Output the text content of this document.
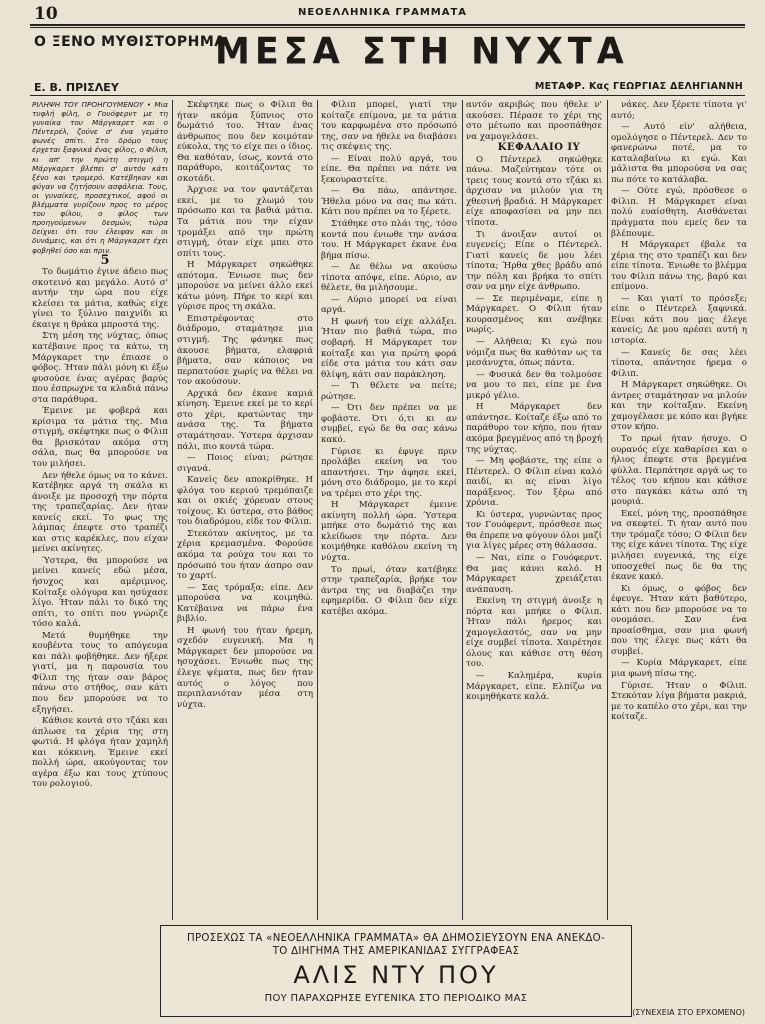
10	ΝΕΟΕΛΛΗΝΙΚΑ ΓΡΑΜΜΑΤΑ
Ο ΞΕΝΟ ΜΥΘΙΣΤΟΡΗΜΑ
ΜΕΣΑ ΣΤΗ ΝΥΧΤΑ
Ε. Β. ΠΡΙΣΛΕΥ	ΜΕΤΑΦΡ. Κας ΓΕΩΡΓΙΑΣ ΔΕΛΗΓΙΑΝΝΗ

ΡΙΛΗΨΗ ΤΟΥ ΠΡΟΗΓΟΥΜΕΝΟΥ • Μια τυφλή φίλη, ο Γουόφερντ με τη γυναίκα του Μάργκαρετ και ο Πέντερέλ, ζούνε σ' ένα γεμάτο φωνές σπίτι. Στο δρόμο τους έρχεται ξαφνικά ένας φίλος, ο Φίλιπ, κι απ' την πρώτη στιγμή η Μάργκαρετ βλέπει σ' αυτόν κάτι ξένο και τρομερό. Κατέβηκαν και φύγαν να ζητήσουν ασφάλεια. Τους, οι γυναίκες, προσεχτικοί, αφού οι βλέμματα γυρίζουν προς το μέρος του φίλου, ο φίλος των προηγούμενων δεσμών, τώρα δείχνει ότι του έλειψαν και οι δυνάμεις, και ότι η Μάργκαρετ έχει φοβηθεί όσο και πριν.

5

Το δωμάτιο έγινε άδειο πως σκοτεινό και μεγάλο. Αυτό σ' αυτήν την ώρα που είχε κλείσει τα μάτια, καθώς είχε γίνει το ξύλινο παιχνίδι κι έκαιγε η θράκα μπροστά της.

Στη μέση της νύχτας, όπως κατέβαινε προς τα κάτω, τη Μάργκαρετ την έπιασε ο φόβος. Ήταν πάλι μόνη κι έξω φυσούσε ένας αγέρας βαρύς που έσπρωχνε τα κλαδιά πάνω στα παράθυρα.

Έμεινε με φοβερά και κρίσιμα τα μάτια της. Μια στιγμή, σκέφτηκε πως ο Φίλιπ θα βρισκόταν ακόμα στη σάλα, πως θα μπορούσε να του μιλήσει.

Δεν ήθελε όμως να το κάνει. Κατέβηκε αργά τη σκάλα κι άνοιξε με προσοχή την πόρτα της τραπεζαρίας. Δεν ήταν κανείς εκεί. Το φως της λάμπας έπεφτε στο τραπέζι και στις καρέκλες, που είχαν μείνει ακίνητες.

Ύστερα, θα μπορούσε να μείνει κανείς εδώ μέσα, ήσυχος και αμέριμνος. Κοίταξε ολόγυρα και ησύχασε λίγο. Ήταν πάλι το δικό της σπίτι, το σπίτι που γνώριζε τόσο καλά.

Μετά θυμήθηκε την κουβέντα τους το απόγευμα και πάλι φοβήθηκε. Δεν ήξερε γιατί, μα η παρουσία του Φίλιπ της ήταν σαν βάρος πάνω στο στήθος, σαν κάτι που δεν μπορούσε να το εξηγήσει.

Κάθισε κοντά στο τζάκι και άπλωσε τα χέρια της στη φωτιά. Η φλόγα ήταν χαμηλή και κόκκινη. Έμεινε εκεί πολλή ώρα, ακούγοντας τον αγέρα έξω και τους χτύπους του ρολογιού.

Σκέφτηκε πως ο Φίλιπ θα ήταν ακόμα ξύπνιος στο δωμάτιό του. Ήταν ένας άνθρωπος που δεν κοιμόταν εύκολα, της το είχε πει ο ίδιος. Θα καθόταν, ίσως, κοντά στο παράθυρο, κοιτάζοντας το σκοτάδι.

Άρχισε να τον φαντάζεται εκεί, με το χλωμό του πρόσωπο και τα βαθιά μάτια. Τα μάτια που την είχαν τρομάξει από την πρώτη στιγμή, όταν είχε μπει στο σπίτι τους.

Η Μάργκαρετ σηκώθηκε απότομα. Ένιωσε πως δεν μπορούσε να μείνει άλλο εκεί κάτω μόνη. Πήρε το κερί και γύρισε προς τη σκάλα.

Επιστρέφοντας στο διάδρομο, σταμάτησε μια στιγμή. Της φάνηκε πως άκουσε βήματα, ελαφριά βήματα, σαν κάποιος να περπατούσε χωρίς να θέλει να τον ακούσουν.

Αρχικά δεν έκανε καμιά κίνηση. Έμεινε εκεί με το κερί στο χέρι, κρατώντας την ανάσα της. Τα βήματα σταμάτησαν. Ύστερα άρχισαν πάλι, πιο κοντά τώρα.

— Ποιος είναι; ρώτησε σιγανά.

Κανείς δεν αποκρίθηκε. Η φλόγα του κεριού τρεμόπαιζε και οι σκιές χόρευαν στους τοίχους. Κι ύστερα, στο βάθος του διαδρόμου, είδε τον Φίλιπ.

Στεκόταν ακίνητος, με τα χέρια κρεμασμένα. Φορούσε ακόμα τα ρούχα του και το πρόσωπό του ήταν άσπρο σαν το χαρτί.

— Σας τρόμαξα; είπε. Δεν μπορούσα να κοιμηθώ. Κατέβαινα να πάρω ένα βιβλίο.

Η φωνή του ήταν ήρεμη, σχεδόν ευγενική. Μα η Μάργκαρετ δεν μπορούσε να ησυχάσει. Ένιωθε πως της έλεγε ψέματα, πως δεν ήταν αυτός ο λόγος που περιπλανιόταν μέσα στη νύχτα.

Φίλιπ μπορεί, γιατί την κοίταζε επίμονα, με τα μάτια του καρφωμένα στο πρόσωπό της, σαν να ήθελε να διαβάσει τις σκέψεις της.

— Είναι πολύ αργά, του είπε. Θα πρέπει να πάτε να ξεκουραστείτε.

— Θα πάω, απάντησε. Ήθελα μόνο να σας πω κάτι. Κάτι που πρέπει να το ξέρετε.

Στάθηκε στο πλάι της, τόσο κοντά που ένιωθε την ανάσα του. Η Μάργκαρετ έκανε ένα βήμα πίσω.

— Δε θέλω να ακούσω τίποτα απόψε, είπε. Αύριο, αν θέλετε, θα μιλήσουμε.

— Αύριο μπορεί να είναι αργά.

Η φωνή του είχε αλλάξει. Ήταν πιο βαθιά τώρα, πιο σοβαρή. Η Μάργκαρετ τον κοίταξε και για πρώτη φορά είδε στα μάτια του κάτι σαν θλίψη, κάτι σαν παράκληση.

— Τι θέλετε να πείτε; ρώτησε.

— Ότι δεν πρέπει να με φοβάστε. Ότι ό,τι κι αν συμβεί, εγώ δε θα σας κάνω κακό.

Γύρισε κι έφυγε πριν προλάβει εκείνη να του απαντήσει. Την άφησε εκεί, μόνη στο διάδρομο, με το κερί να τρέμει στο χέρι της.

Η Μάργκαρετ έμεινε ακίνητη πολλή ώρα. Ύστερα μπήκε στο δωμάτιό της και κλείδωσε την πόρτα. Δεν κοιμήθηκε καθόλου εκείνη τη νύχτα.

Το πρωί, όταν κατέβηκε στην τραπεζαρία, βρήκε τον άντρα της να διαβάζει την εφημερίδα. Ο Φίλιπ δεν είχε κατέβει ακόμα.

αυτόν ακριβώς που ήθελε ν' ακούσει. Πέρασε το χέρι της στο μέτωπο και προσπάθησε να χαμογελάσει.

ΚΕΦΑΛΑΙΟ ΙΥ

Ο Πέντερελ σηκώθηκε πάνω. Μαζεύτηκαν τότε οι τρεις τους κοντά στο τζάκι κι άρχισαν να μιλούν για τη χθεσινή βραδιά. Η Μάργκαρετ είχε αποφασίσει να μην πει τίποτα.

Τι άνοιξαν αυτοί οι ευγενείς; Είπε ο Πέντερελ. Γιατί κανείς δε μου λέει τίποτα; Ήρθα χθες βράδυ από την πόλη και βρήκα το σπίτι σαν να μην είχε άνθρωπο.

— Σε περιμέναμε, είπε η Μάργκαρετ. Ο Φίλιπ ήταν κουρασμένος και ανέβηκε νωρίς.

— Αλήθεια; Κι εγώ που νόμιζα πως θα καθόταν ως τα μεσάνυχτα, όπως πάντα.

— Φυσικά δεν θα τολμούσε να μου το πει, είπε με ένα μικρό γέλιο.

Η Μάργκαρετ δεν απάντησε. Κοίταζε έξω από το παράθυρο τον κήπο, που ήταν ακόμα βρεγμένος από τη βροχή της νύχτας.

— Μη φοβάστε, της είπε ο Πέντερελ. Ο Φίλιπ είναι καλό παιδί, κι ας είναι λίγο παράξενος. Τον ξέρω από χρόνια.

Κι ύστερα, γυρνώντας προς τον Γουόφερντ, πρόσθεσε πως θα έπρεπε να φύγουν όλοι μαζί για λίγες μέρες στη θάλασσα.

— Ναι, είπε ο Γουόφερντ. Θα μας κάνει καλό. Η Μάργκαρετ χρειάζεται ανάπαυση.

Εκείνη τη στιγμή άνοιξε η πόρτα και μπήκε ο Φίλιπ. Ήταν πάλι ήρεμος και χαμογελαστός, σαν να μην είχε συμβεί τίποτα. Χαιρέτησε όλους και κάθισε στη θέση του.

— Καλημέρα, κυρία Μάργκαρετ, είπε. Ελπίζω να κοιμηθήκατε καλά.

νάκες. Δεν ξέρετε τίποτα γι' αυτό;

— Αυτό είν' αλήθεια, ομολόγησε ο Πέντερελ. Δεν το φανερώνω ποτέ, μα το καταλαβαίνω κι εγώ. Και μάλιστα θα μπορούσα να σας πω πότε το κατάλαβα.

— Ούτε εγώ, πρόσθεσε ο Φίλιπ. Η Μάργκαρετ είναι πολύ ευαίσθητη. Αισθάνεται πράγματα που εμείς δεν τα βλέπουμε.

Η Μάργκαρετ έβαλε τα χέρια της στο τραπέζι και δεν είπε τίποτα. Ένιωθε το βλέμμα του Φίλιπ πάνω της, βαρύ και επίμονο.

— Και γιατί το πρόσεξε; είπε ο Πέντερελ ξαφνικά. Είναι κάτι που μας έλεγε κανείς; Δε μου αρέσει αυτή η ιστορία.

— Κανείς δε σας λέει τίποτα, απάντησε ήρεμα ο Φίλιπ.

Η Μάργκαρετ σηκώθηκε. Οι άντρες σταμάτησαν να μιλούν και την κοίταξαν. Εκείνη χαμογέλασε με κόπο και βγήκε στον κήπο.

Το πρωί ήταν ήσυχο. Ο ουρανός είχε καθαρίσει και ο ήλιος έπεφτε στα βρεγμένα φύλλα. Περπάτησε αργά ως το τέλος του κήπου και κάθισε στο παγκάκι κάτω από τη μουριά.

Εκεί, μόνη της, προσπάθησε να σκεφτεί. Τι ήταν αυτό που την τρόμαζε τόσο; Ο Φίλιπ δεν της είχε κάνει τίποτα. Της είχε μιλήσει ευγενικά, της είχε υποσχεθεί πως δε θα της έκανε κακό.

Κι όμως, ο φόβος δεν έφευγε. Ήταν κάτι βαθύτερο, κάτι που δεν μπορούσε να το ονομάσει. Σαν ένα προαίσθημα, σαν μια φωνή που της έλεγε πως κάτι θα συμβεί.

— Κυρία Μάργκαρετ, είπε μια φωνή πίσω της.

Γύρισε. Ήταν ο Φίλιπ. Στεκόταν λίγα βήματα μακριά, με το καπέλο στο χέρι, και την κοίταζε.

ΠΡΟΣΕΧΩΣ ΤΑ «ΝΕΟΕΛΛΗΝΙΚΑ ΓΡΑΜΜΑΤΑ» ΘΑ ΔΗΜΟΣΙΕΥΣΟΥΝ ΕΝΑ ΑΝΕΚΔΟ-
ΤΟ ΔΙΗΓΗΜΑ ΤΗΣ ΑΜΕΡΙΚΑΝΙΔΑΣ ΣΥΓΓΡΑΦΕΑΣ
ΑΛΙΣ ΝΤΥ ΠΟΥ
ΠΟΥ ΠΑΡΑΧΩΡΗΣΕ ΕΥΓΕΝΙΚΑ ΣΤΟ ΠΕΡΙΟΔΙΚΟ ΜΑΣ
(ΣΥΝΕΧΕΙΑ ΣΤΟ ΕΡΧΟΜΕΝΟ)
